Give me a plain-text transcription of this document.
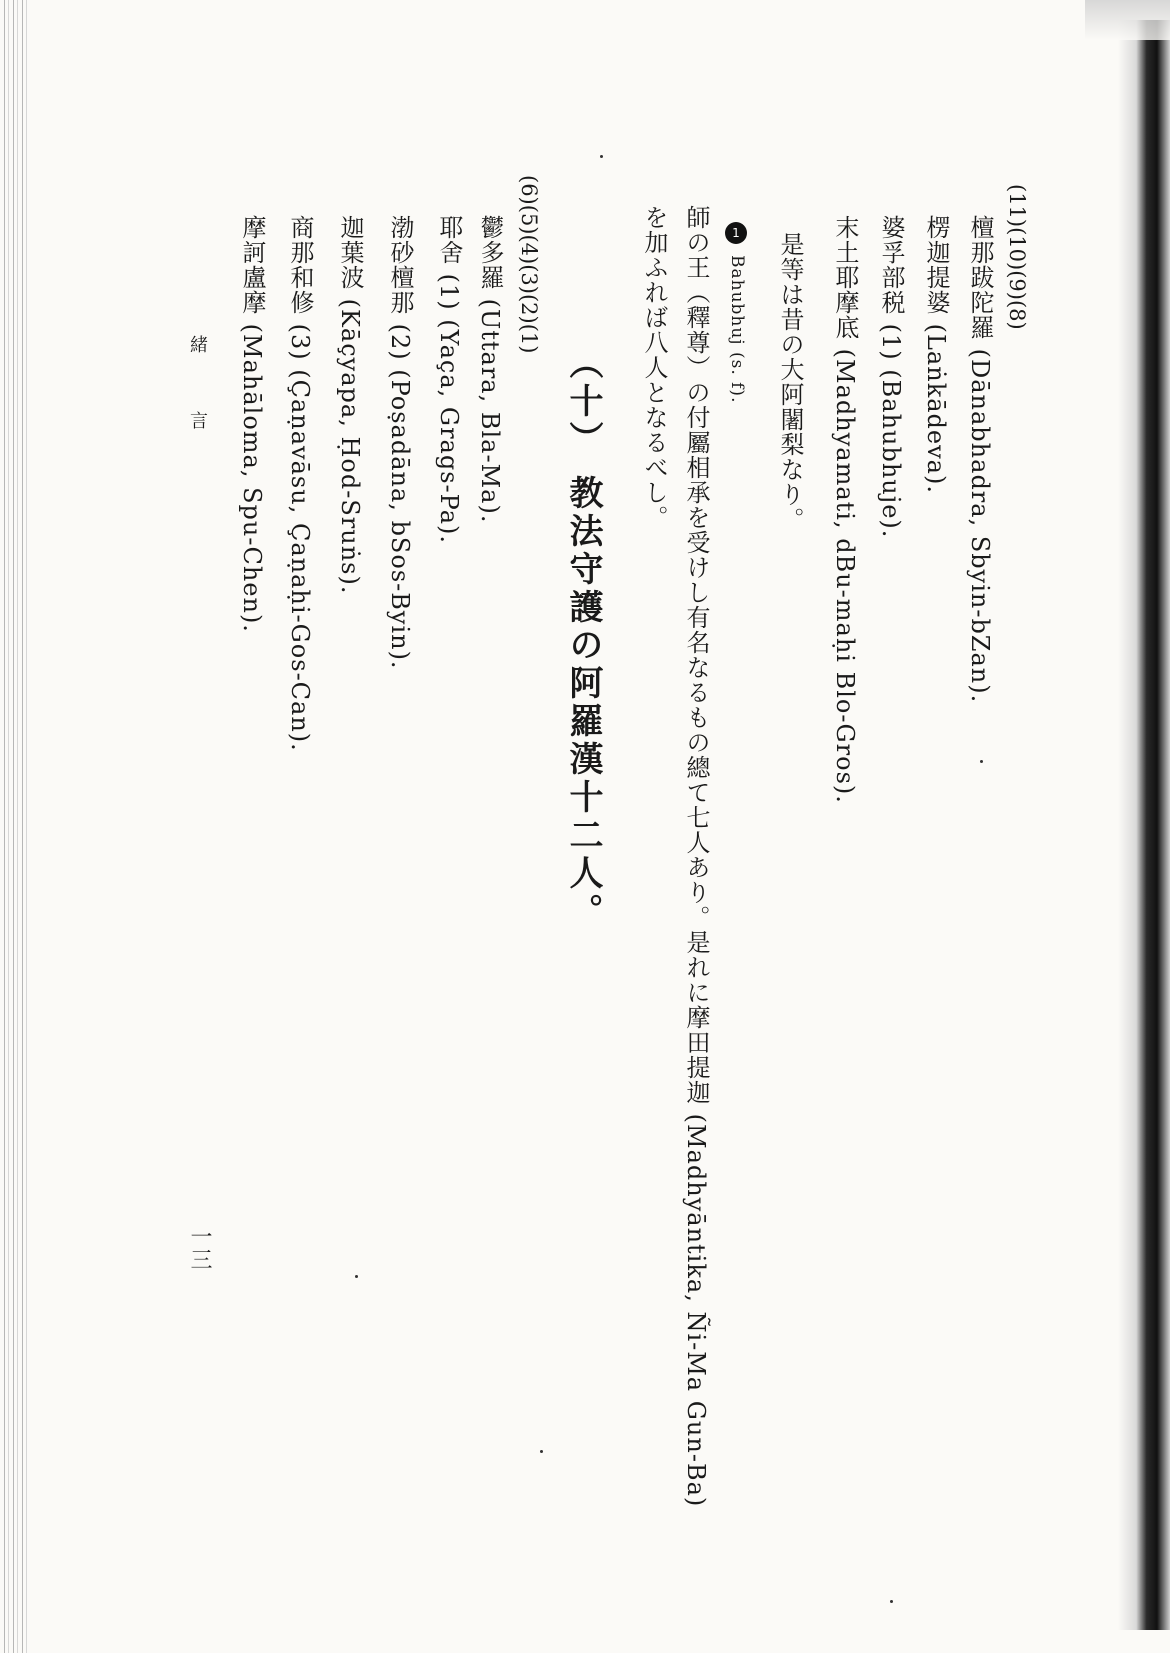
(11)(10)(9)(8)
檀那跋陀羅 (Dānabhadra, Sbyin-bZan).
楞迦提婆 (Laṅkādeva).
婆孚部税 (1) (Bahubhuje).
末土耶摩底 (Madhyamati, dBu-maḥi Blo-Gros).
是等は昔の大阿闍梨なり。
1
Bahubhuj (s. f).
師の王（釋尊）の付屬相承を受けし有名なるもの總て七人あり。是れに摩田提迦 (Madhyāntika, Ñi-Ma Gun-Ba)
を加ふれば八人となるべし。
（十） 教法守護の阿羅漢十二人。
(6)(5)(4)(3)(2)(1)
鬱多羅 (Uttara, Bla-Ma).
耶舍 (1) (Yaça, Grags-Pa).
渤砂檀那 (2) (Poṣadāna, bSos-Byin).
迦葉波 (Kāçyapa, Ḥod-Sruṅs).
商那和修 (3) (Çaṇavāsu, Çaṇaḥi-Gos-Can).
摩訶盧摩 (Mahāloma, Spu-Chen).
緒　　　言
一三
